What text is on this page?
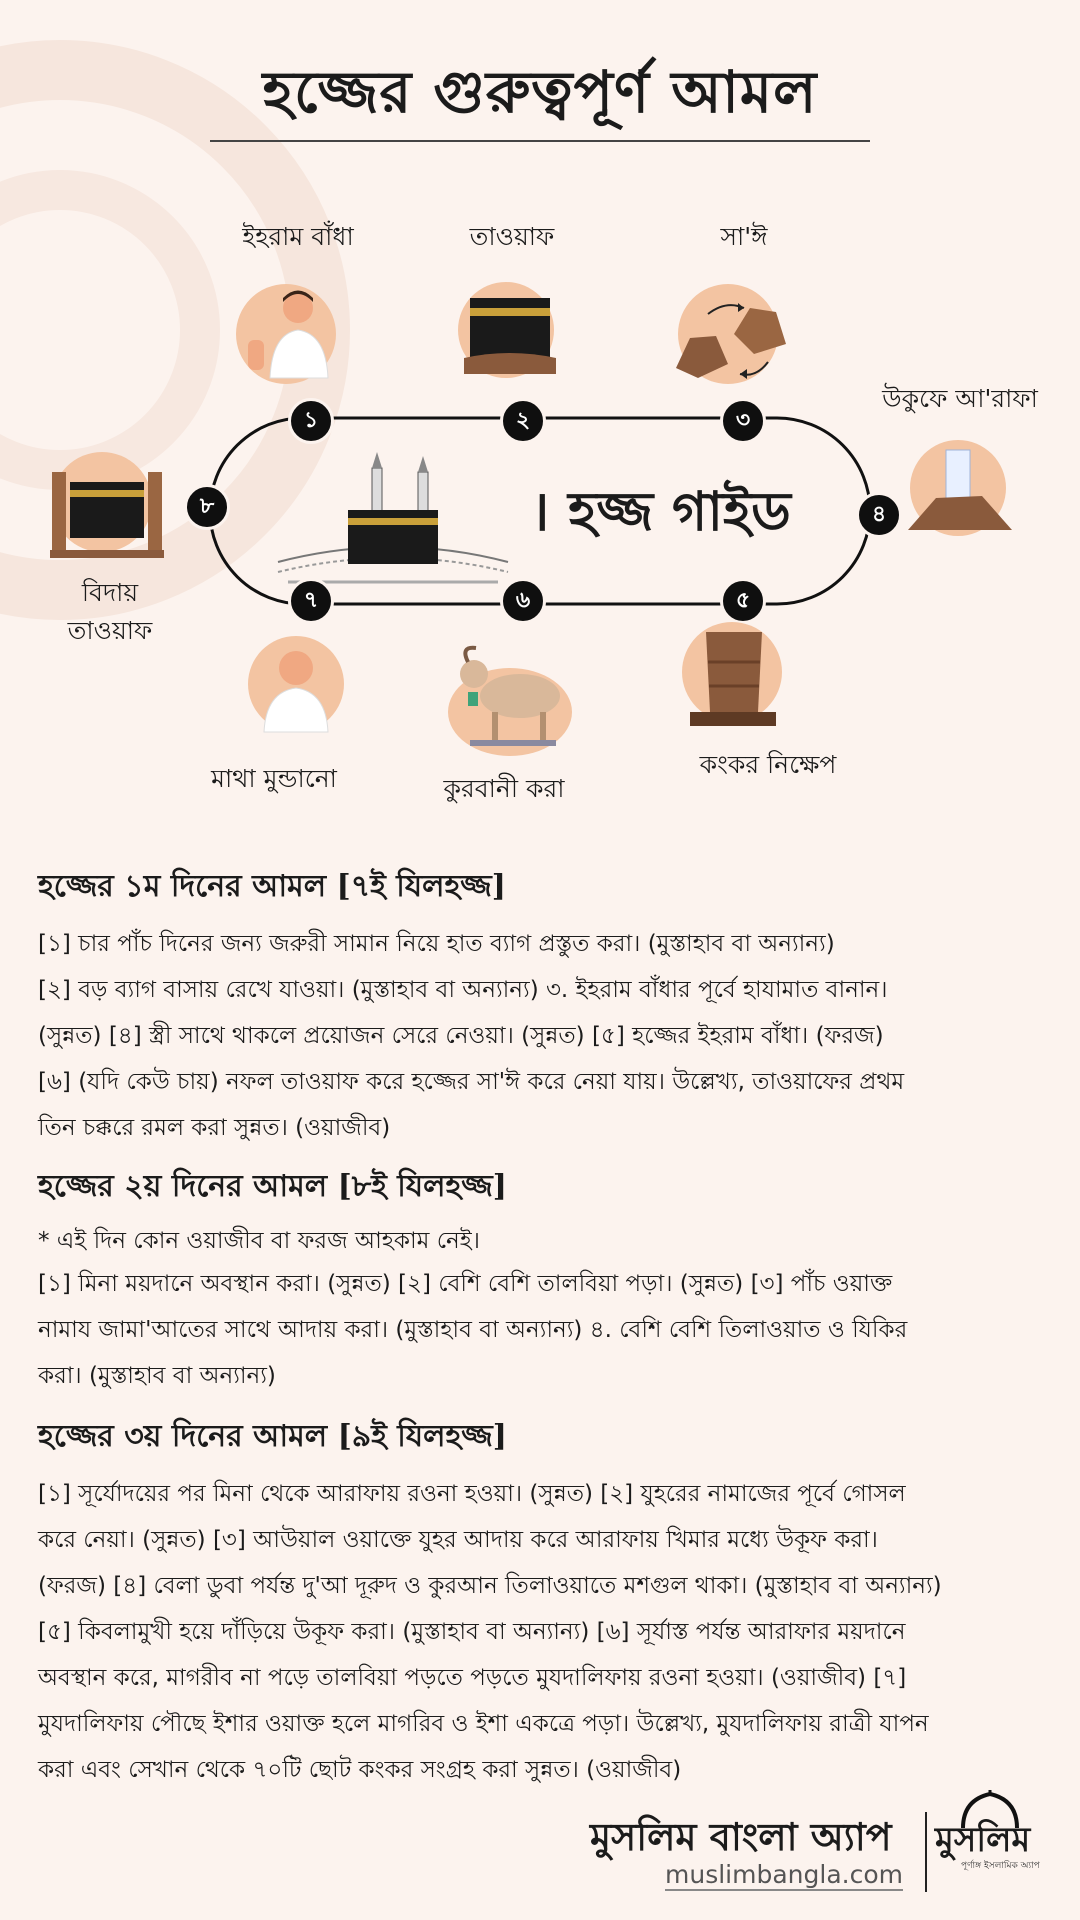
হজ্জের গুরুত্বপূর্ণ আমল
। হজ্জ গাইড
ইহরাম বাঁধা
১
তাওয়াফ
২
সা'ঈ
৩
উকুফে আ'রাফা
৪
৫
কংকর নিক্ষেপ
৬
কুরবানী করা
৭
মাথা মুন্ডানো
৮
বিদায়
তাওয়াফ
হজ্জের ১ম দিনের আমল [৭ই যিলহজ্জ]

[১] চার পাঁচ দিনের জন্য জরুরী সামান নিয়ে হাত ব্যাগ প্রস্তুত করা। (মুস্তাহাব বা অন্যান্য)

[২] বড় ব্যাগ বাসায় রেখে যাওয়া। (মুস্তাহাব বা অন্যান্য) ৩. ইহরাম বাঁধার পূর্বে হাযামাত বানান।

(সুন্নত) [৪] স্ত্রী সাথে থাকলে প্রয়োজন সেরে নেওয়া। (সুন্নত) [৫] হজ্জের ইহরাম বাঁধা। (ফরজ)

[৬] (যদি কেউ চায়) নফল তাওয়াফ করে হজ্জের সা'ঈ করে নেয়া যায়। উল্লেখ্য, তাওয়াফের প্রথম

তিন চক্করে রমল করা সুন্নত। (ওয়াজীব)

হজ্জের ২য় দিনের আমল [৮ই যিলহজ্জ]

* এই দিন কোন ওয়াজীব বা ফরজ আহকাম নেই।

[১] মিনা ময়দানে অবস্থান করা। (সুন্নত) [২] বেশি বেশি তালবিয়া পড়া। (সুন্নত) [৩] পাঁচ ওয়াক্ত

নামায জামা'আতের সাথে আদায় করা। (মুস্তাহাব বা অন্যান্য) ৪. বেশি বেশি তিলাওয়াত ও যিকির

করা। (মুস্তাহাব বা অন্যান্য)

হজ্জের ৩য় দিনের আমল [৯ই যিলহজ্জ]

[১] সূর্যোদয়ের পর মিনা থেকে আরাফায় রওনা হওয়া। (সুন্নত) [২] যুহরের নামাজের পূর্বে গোসল

করে নেয়া। (সুন্নত) [৩] আউয়াল ওয়াক্তে যুহর আদায় করে আরাফায় খিমার মধ্যে উকূফ করা।

(ফরজ) [৪] বেলা ডুবা পর্যন্ত দু'আ দূরুদ ও কুরআন তিলাওয়াতে মশগুল থাকা। (মুস্তাহাব বা অন্যান্য)

[৫] কিবলামুখী হয়ে দাঁড়িয়ে উকূফ করা। (মুস্তাহাব বা অন্যান্য) [৬] সূর্যাস্ত পর্যন্ত আরাফার ময়দানে

অবস্থান করে, মাগরীব না পড়ে তালবিয়া পড়তে পড়তে মুযদালিফায় রওনা হওয়া। (ওয়াজীব) [৭]

মুযদালিফায় পৌছে ইশার ওয়াক্ত হলে মাগরিব ও ইশা একত্রে পড়া। উল্লেখ্য, মুযদালিফায় রাত্রী যাপন

করা এবং সেখান থেকে ৭০টি ছোট কংকর সংগ্রহ করা সুন্নত। (ওয়াজীব)

মুসলিম বাংলা অ্যাপ
muslimbangla.com
মুসলিম
পূর্ণাঙ্গ ইসলামিক অ্যাপ
